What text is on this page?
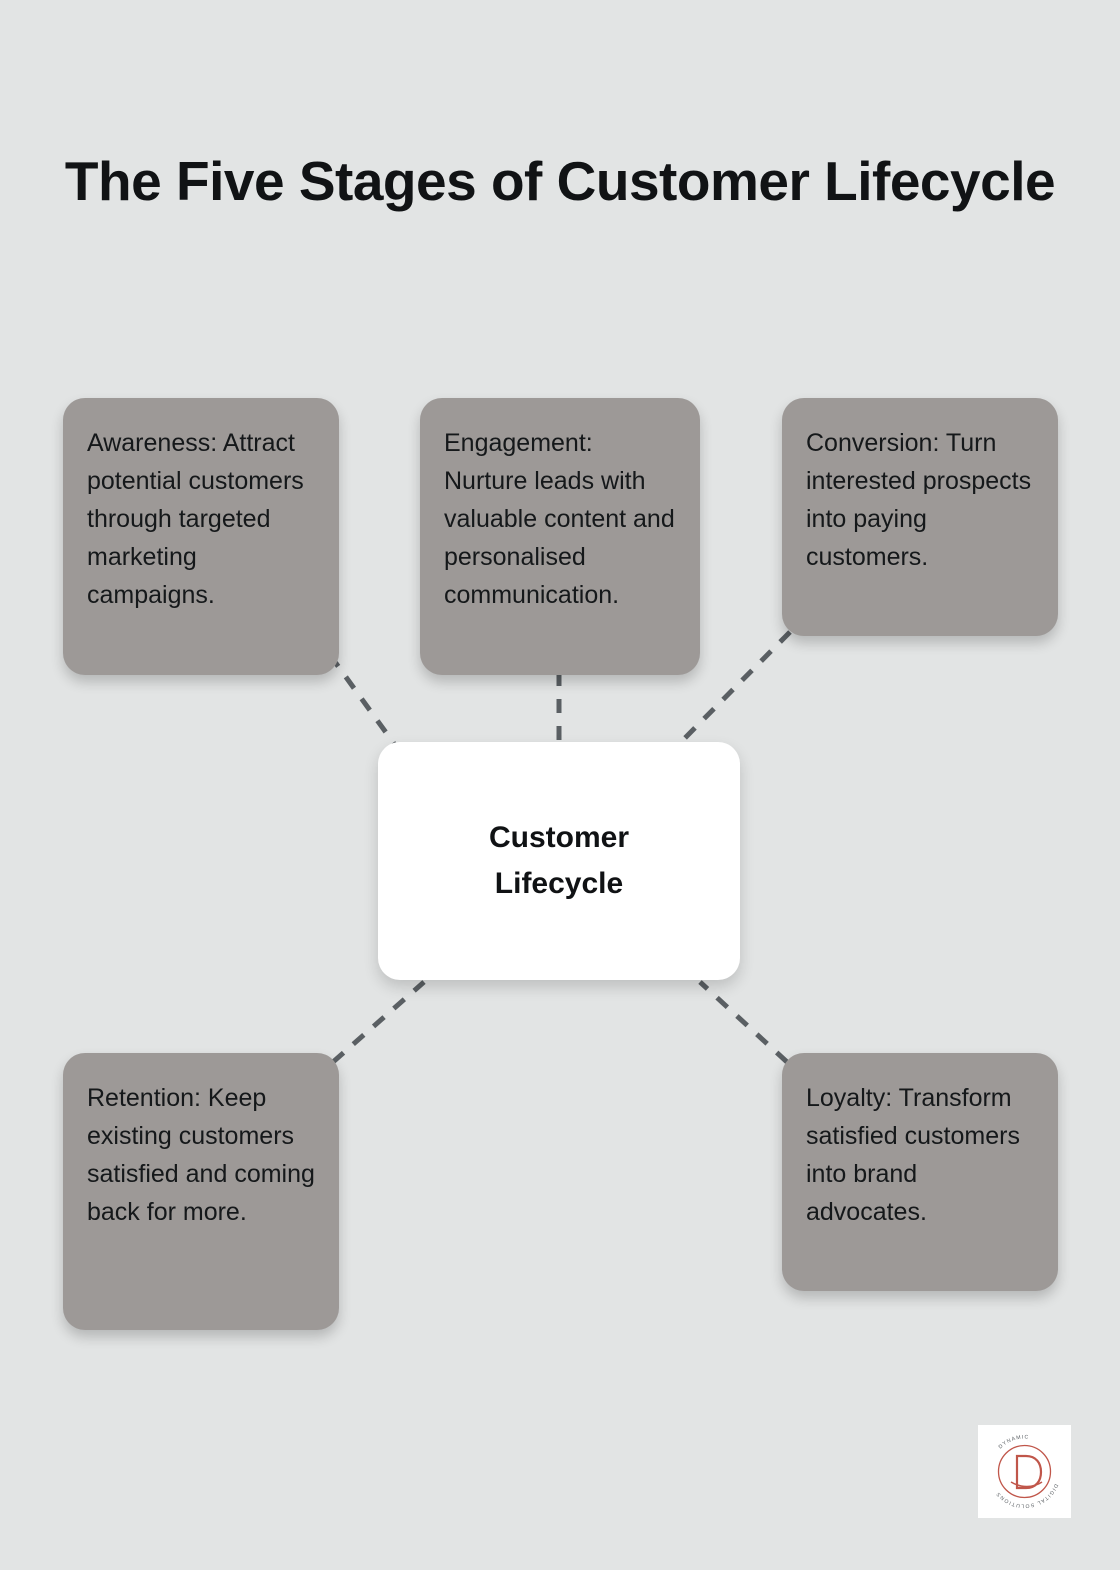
The Five Stages of Customer Lifecycle
Awareness: Attract potential customers through targeted marketing campaigns.
Engagement: Nurture leads with valuable content and personalised communication.
Conversion: Turn interested prospects into paying customers.
Retention: Keep existing customers satisfied and coming back for more.
Loyalty: Transform satisfied customers into brand advocates.
Customer Lifecycle
DYNAMIC
DIGITAL SOLUTIONS
